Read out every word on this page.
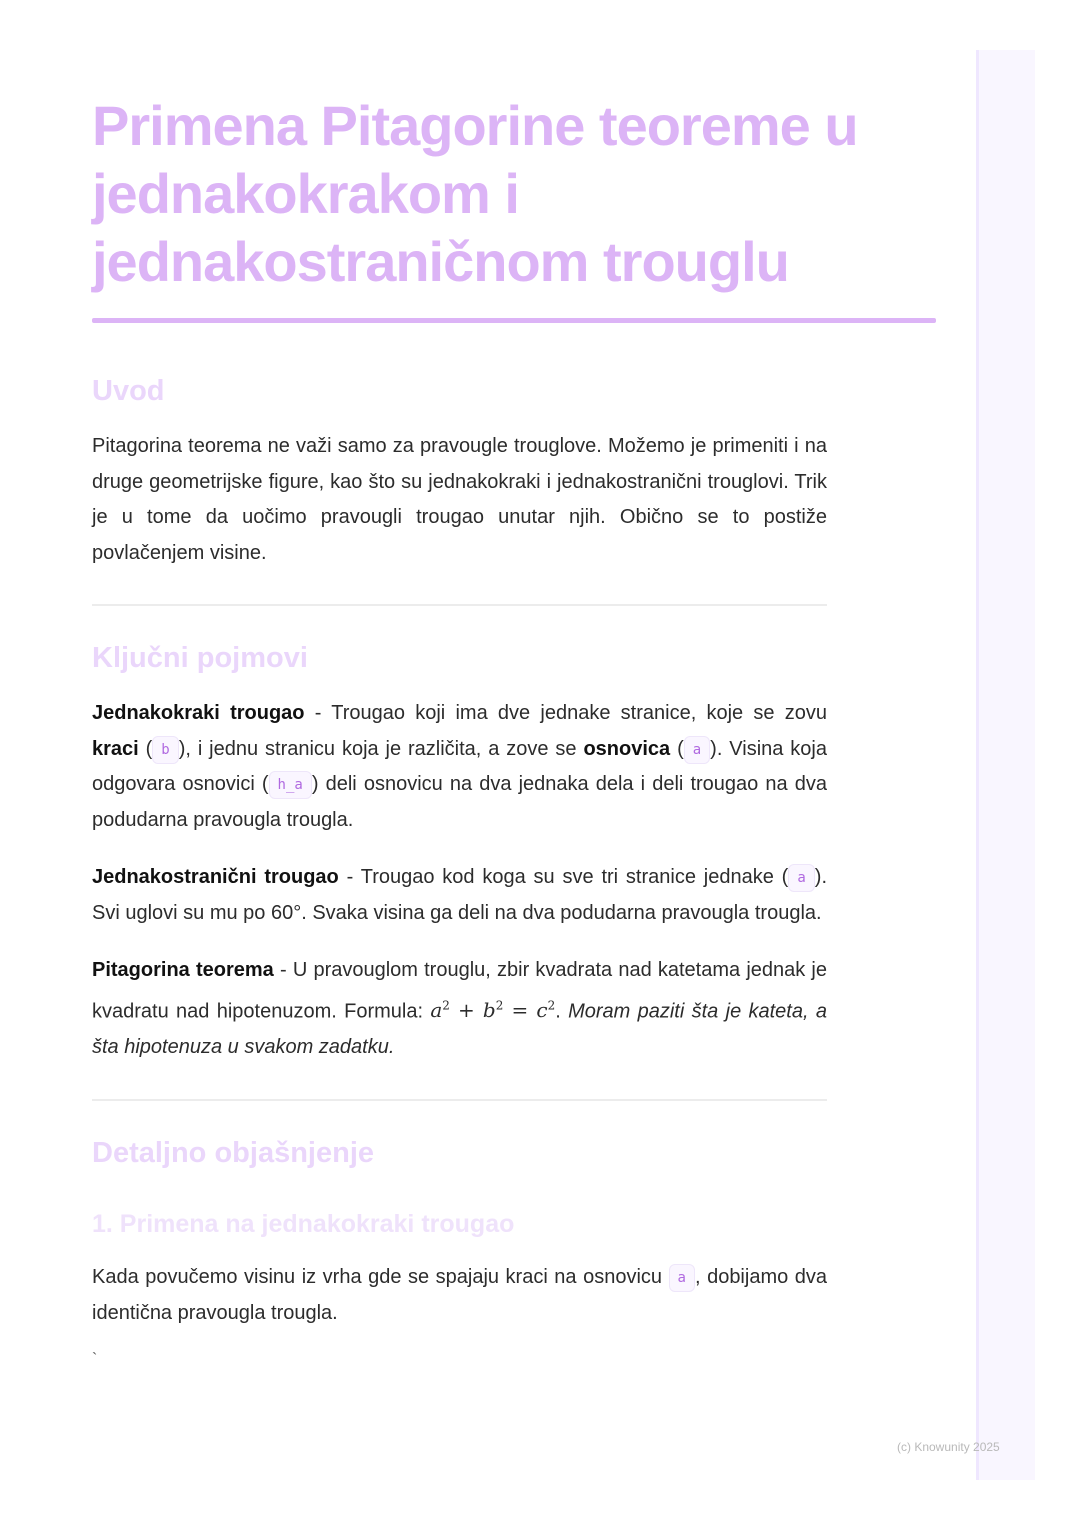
Primena Pitagorine teoreme u
jednakokrakom i
jednakostraničnom trouglu
Uvod

Pitagorina teorema ne važi samo za pravougle trouglove. Možemo je primeniti i na druge geometrijske figure, kao što su jednakokraki i jednakostranični trouglovi. Trik je u tome da uočimo pravougli trougao unutar njih. Obično se to postiže povlačenjem visine.

Ključni pojmovi

Jednakokraki trougao - Trougao koji ima dve jednake stranice, koje se zovu kraci ( b ), i jednu stranicu koja je različita, a zove se osnovica ( a ). Visina koja odgovara osnovici ( h_a ) deli osnovicu na dva jednaka dela i deli trougao na dva podudarna pravougla trougla.

Jednakostranični trougao - Trougao kod koga su sve tri stranice jednake ( a ). Svi uglovi su mu po 60°. Svaka visina ga deli na dva podudarna pravougla trougla.

Pitagorina teorema - U pravouglom trouglu, zbir kvadrata nad katetama jednak je kvadratu nad hipotenuzom. Formula: $a^2 + b^2 = c^2$. Moram paziti šta je kateta, a šta hipotenuza u svakom zadatku.

Detaljno objašnjenje
1. Primena na jednakokraki trougao

Kada povučemo visinu iz vrha gde se spajaju kraci na osnovicu a , dobijamo dva identična pravougla trougla.

`
(c) Knowunity 2025
